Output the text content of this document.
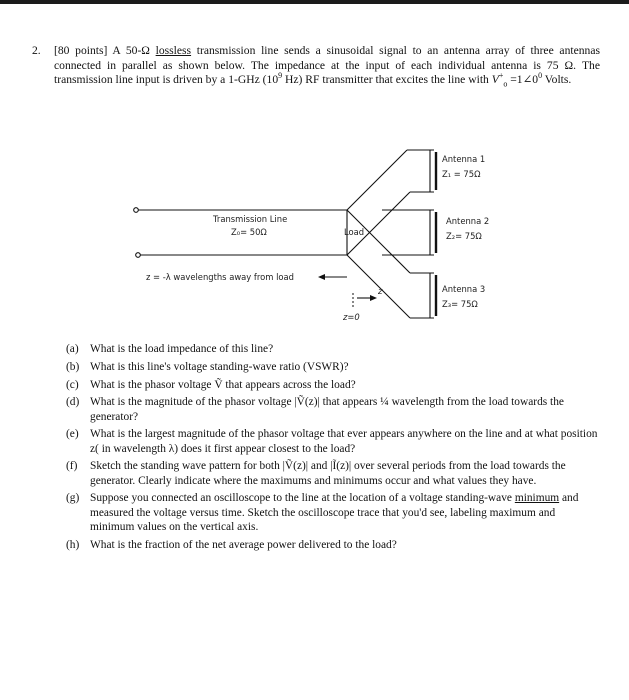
2. [80 points] A 50-Ω lossless transmission line sends a sinusoidal signal to an antenna array of three antennas connected in parallel as shown below. The impedance at the input of each individual antenna is 75 Ω. The transmission line input is driven by a 1-GHz ($10^9$ Hz) RF transmitter that excites the line with $V^+_o$ $=1\angle 0^0$ Volts.
Transmission Line
Z₀= 50Ω	Load
z = -λ wavelengths away from load
z
z=0
Antenna 1
Z₁ = 75Ω
Antenna 2
Z₂= 75Ω
Antenna 3
Z₃= 75Ω
(a) What is the load impedance of this line?
(b) What is this line's voltage standing-wave ratio (VSWR)?
(c) What is the phasor voltage Ṽ that appears across the load?
(d) What is the magnitude of the phasor voltage |Ṽ(z)| that appears ¼ wavelength from the load towards the generator?
(e) What is the largest magnitude of the phasor voltage that ever appears anywhere on the line and at what position z( in wavelength λ) does it first appear closest to the load?
(f) Sketch the standing wave pattern for both |Ṽ(z)| and |Ĩ(z)| over several periods from the load towards the generator. Clearly indicate where the maximums and minimums occur and what values they have.
(g) Suppose you connected an oscilloscope to the line at the location of a voltage standing-wave minimum and measured the voltage versus time. Sketch the oscilloscope trace that you'd see, labeling maximum and minimum values on the vertical axis.
(h) What is the fraction of the net average power delivered to the load?
